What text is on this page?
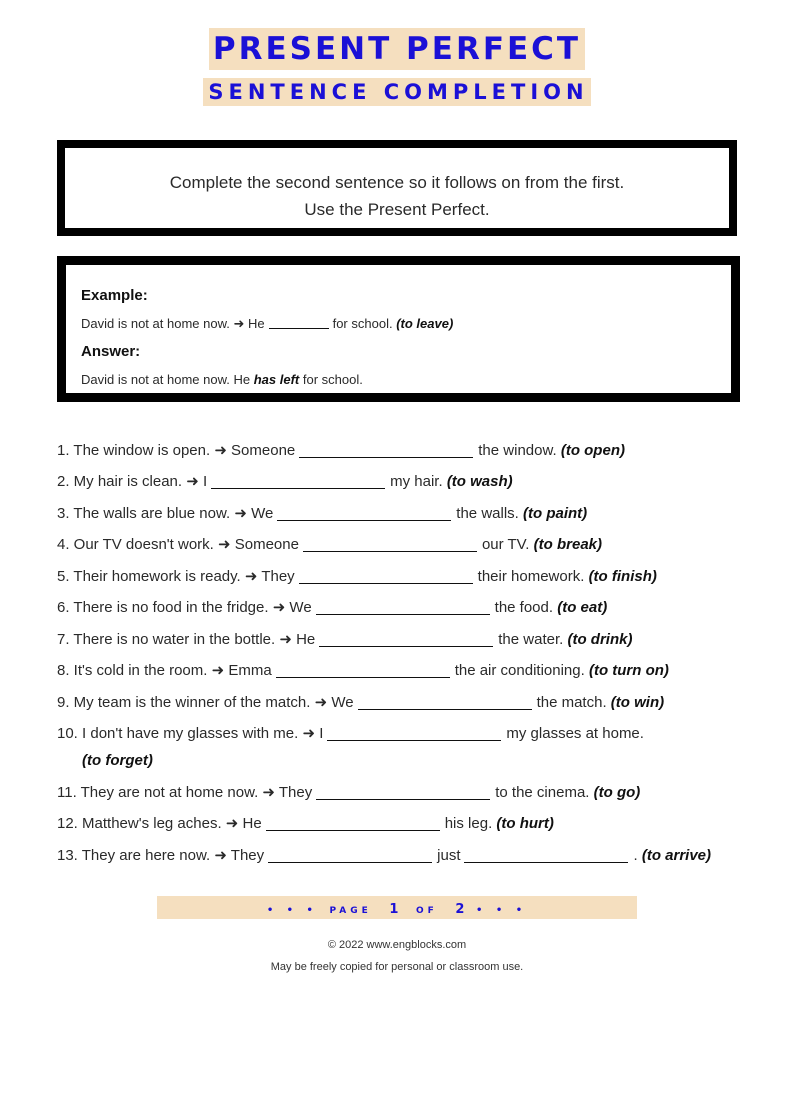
PRESENT PERFECT
SENTENCE COMPLETION

Complete the second sentence so it follows on from the first.

Use the Present Perfect.

Example:
David is not at home now. ➜ He	for school. (to leave)
Answer:
David is not at home now. He has left for school.
1. The window is open. ➜ Someone	the window. (to open)
2. My hair is clean. ➜ I	my hair. (to wash)
3. The walls are blue now. ➜ We	the walls. (to paint)
4. Our TV doesn't work. ➜ Someone	our TV. (to break)
5. Their homework is ready. ➜ They	their homework. (to finish)
6. There is no food in the fridge. ➜ We	the food. (to eat)
7. There is no water in the bottle. ➜ He	the water. (to drink)
8. It's cold in the room. ➜ Emma	the air conditioning. (to turn on)
9. My team is the winner of the match. ➜ We	the match. (to win)
10. I don't have my glasses with me. ➜ I	my glasses at home.
(to forget)
11. They are not at home now. ➜ They	to the cinema. (to go)
12. Matthew's leg aches. ➜ He	his leg. (to hurt)
13. They are here now. ➜ They	just	. (to arrive)
• • • PAGE 1 OF 2 • • •
© 2022 www.engblocks.com
May be freely copied for personal or classroom use.
